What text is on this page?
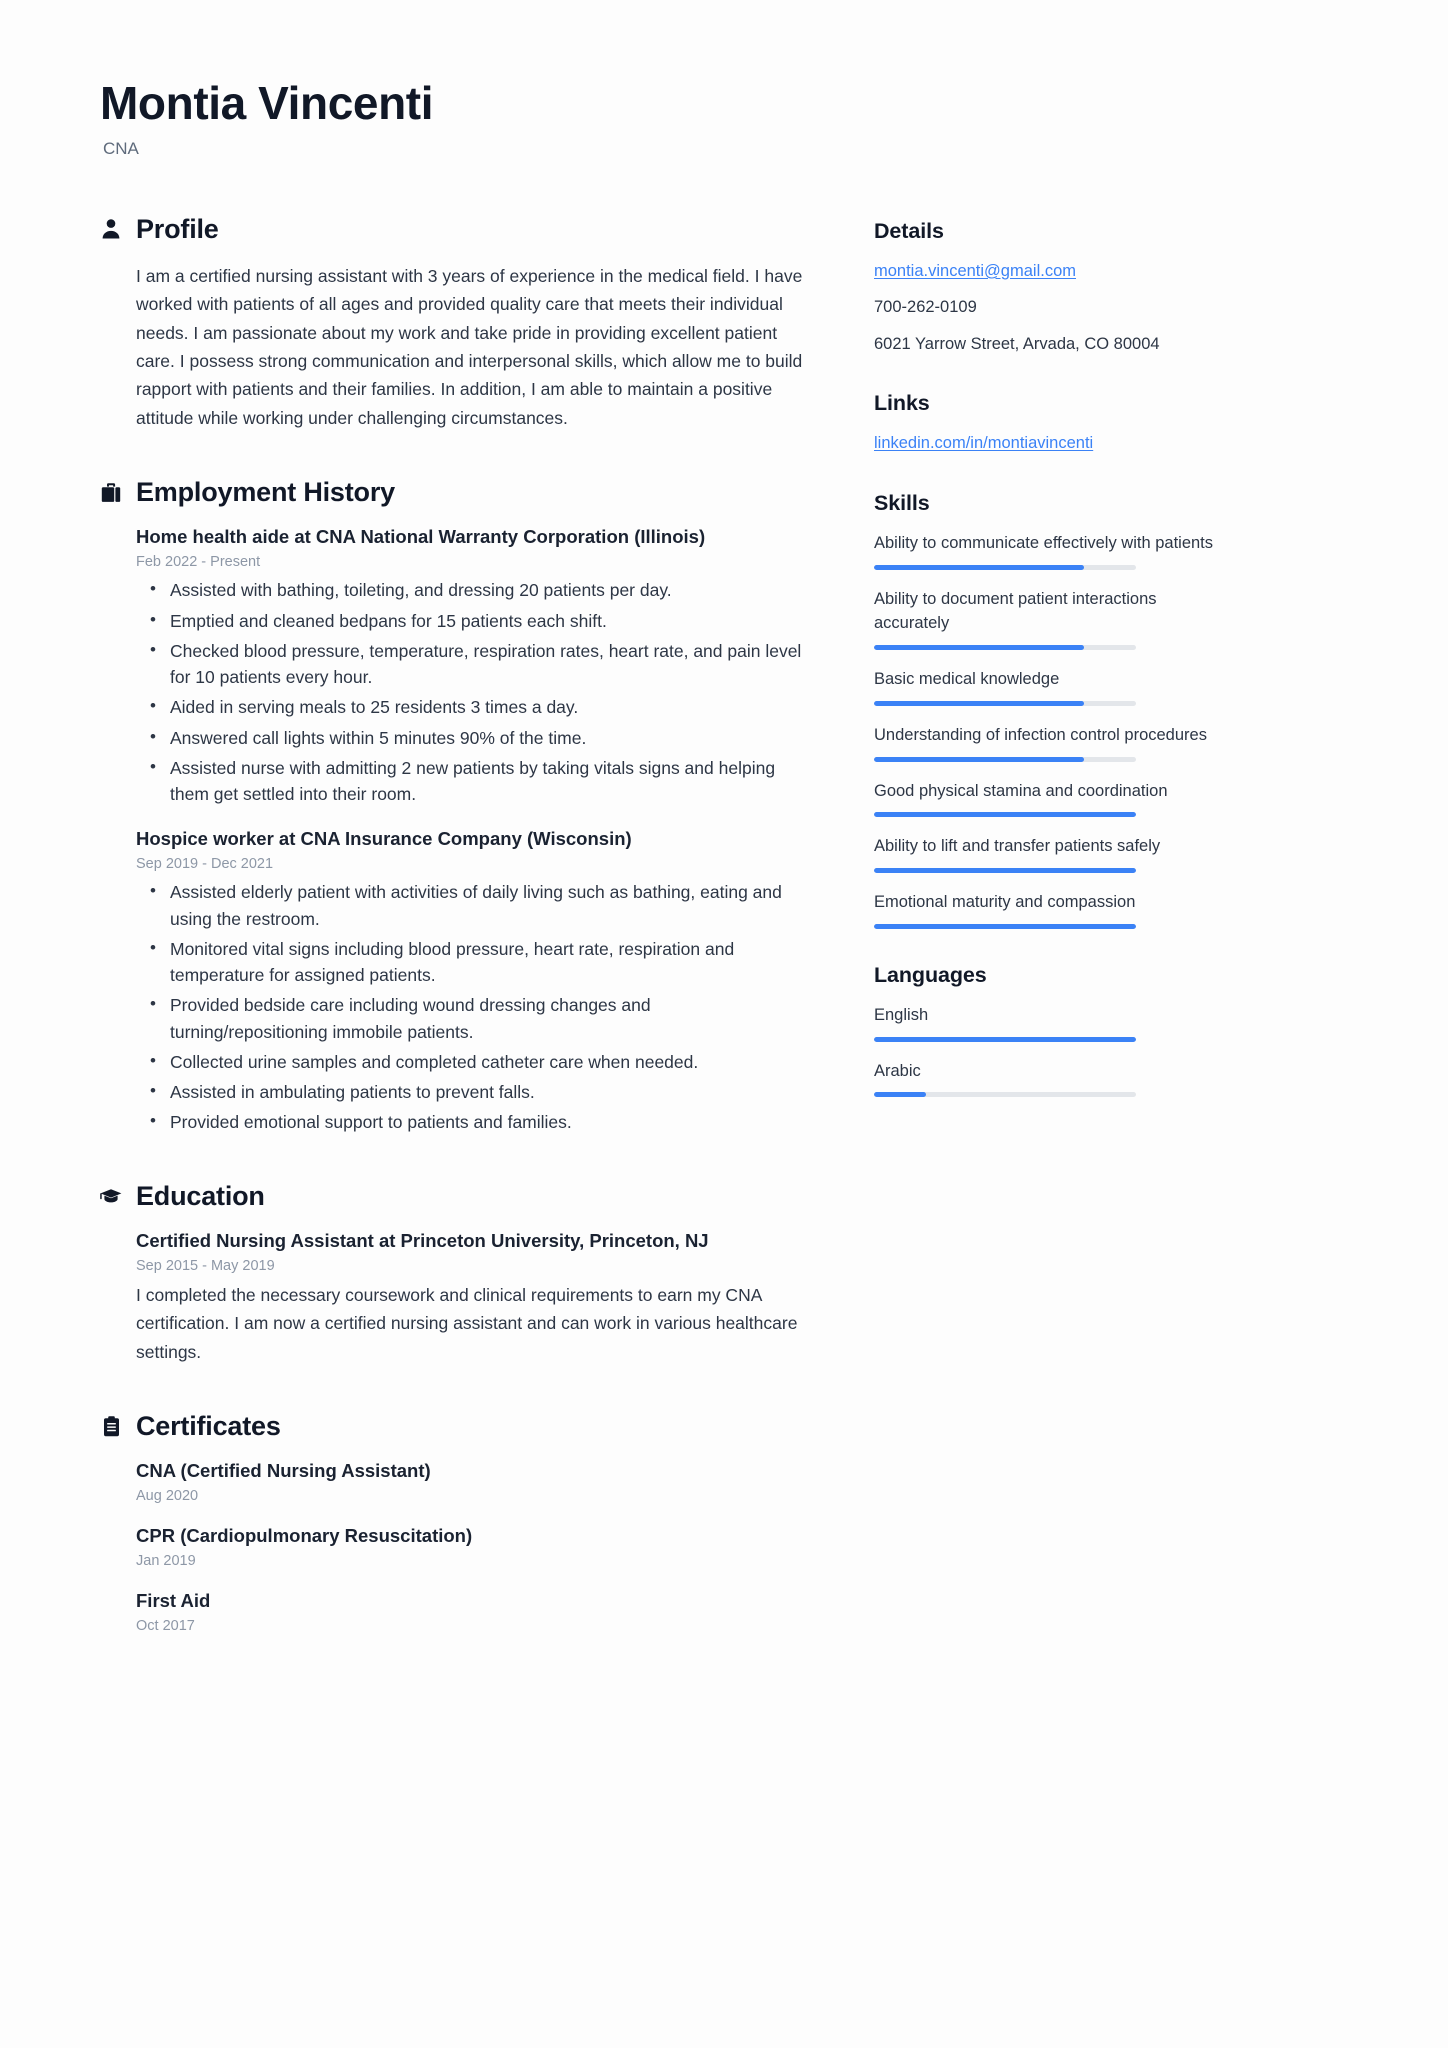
Montia Vincenti
CNA
Profile

I am a certified nursing assistant with 3 years of experience in the medical field. I have worked with patients of all ages and provided quality care that meets their individual needs. I am passionate about my work and take pride in providing excellent patient care. I possess strong communication and interpersonal skills, which allow me to build rapport with patients and their families. In addition, I am able to maintain a positive attitude while working under challenging circumstances.

Employment History
Home health aide at CNA National Warranty Corporation (Illinois)
Feb 2022 - Present
• Assisted with bathing, toileting, and dressing 20 patients per day.
• Emptied and cleaned bedpans for 15 patients each shift.
• Checked blood pressure, temperature, respiration rates, heart rate, and pain level for 10 patients every hour.
• Aided in serving meals to 25 residents 3 times a day.
• Answered call lights within 5 minutes 90% of the time.
• Assisted nurse with admitting 2 new patients by taking vitals signs and helping them get settled into their room.
Hospice worker at CNA Insurance Company (Wisconsin)
Sep 2019 - Dec 2021
• Assisted elderly patient with activities of daily living such as bathing, eating and using the restroom.
• Monitored vital signs including blood pressure, heart rate, respiration and temperature for assigned patients.
• Provided bedside care including wound dressing changes and turning/repositioning immobile patients.
• Collected urine samples and completed catheter care when needed.
• Assisted in ambulating patients to prevent falls.
• Provided emotional support to patients and families.
Education
Certified Nursing Assistant at Princeton University, Princeton, NJ
Sep 2015 - May 2019
I completed the necessary coursework and clinical requirements to earn my CNA certification. I am now a certified nursing assistant and can work in various healthcare settings.
Certificates
CNA (Certified Nursing Assistant)
Aug 2020
CPR (Cardiopulmonary Resuscitation)
Jan 2019
First Aid
Oct 2017
Details
montia.vincenti@gmail.com
700-262-0109
6021 Yarrow Street, Arvada, CO 80004
Links
linkedin.com/in/montiavincenti
Skills
Ability to communicate effectively with patients
Ability to document patient interactions accurately
Basic medical knowledge
Understanding of infection control procedures
Good physical stamina and coordination
Ability to lift and transfer patients safely
Emotional maturity and compassion
Languages
English
Arabic
